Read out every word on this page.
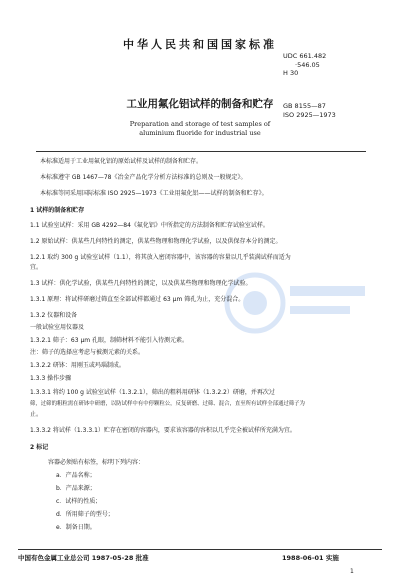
中华人民共和国国家标准
UDC 661.482
·546.05
H 30
GB 8155—87
ISO 2925—1973
工业用氟化铝试样的制备和贮存
Preparation and storage of test samples of
aluminium fluoride for industrial use
本标准适用于工业用氟化铝的原始试样及试样的制备和贮存。
本标准遵守 GB 1467—78《冶金产品化学分析方法标准的总则及一般规定》。
本标准等同采用国际标准 ISO 2925—1973《工业用氟化铝——试样的制备和贮存》。
1 试样的制备和贮存
1.1 试验室试样：采用 GB 4292—84《氟化铝》中所指定的方法制备和贮存试验室试样。
1.2 原始试样：供某些几何特性的测定，供某些物理和物理化学试验，以及供保存本分的测定。
1.2.1 取约 300 g 试验室试样（1.1），将其放入密闭容器中，该容器的容量以几乎装满试样而适为
宜。
1.3 试样：供化学试验，供某些几何特性的测定，以及供某些物理和物理化学试验。
1.3.1 原理：将试样研磨过筛直至全部试样都通过 63 μm 筛孔为止，充分混合。
1.3.2 仪器和设备
一般试验室用仪器及
1.3.2.1 筛子：63 μm 孔眼，制筛材料不能引入待测元素。
注：筛子的选择应考虑与被测元素的关系。
1.3.2.2 研钵：用刚玉或玛瑙制成。
1.3.3 操作步骤
1.3.3.1 将约 100 g 试验室试样（1.3.2.1），筛出的粗料用研钵（1.3.2.2）研磨，并再次过
筛，过筛的粗粒需在研钵中研磨，以防试样中有中停颗粒公，反复研磨、过筛、混合，直至所有试样全部通过筛子为
止。
1.3.3.2 将试样（1.3.3.1）贮存在密闭的容器内，要求该容器的容积以几乎完全被试样所充满为宜。
2 标记
容器必须贴有标签，标明下列内容：
a．产品名称；
b．产品来源；
c．试样的性质；
d．所用筛子的型号；
e．制备日期。
中国有色金属工业总公司 1987-05-28 批准	1988-06-01 实施
1
